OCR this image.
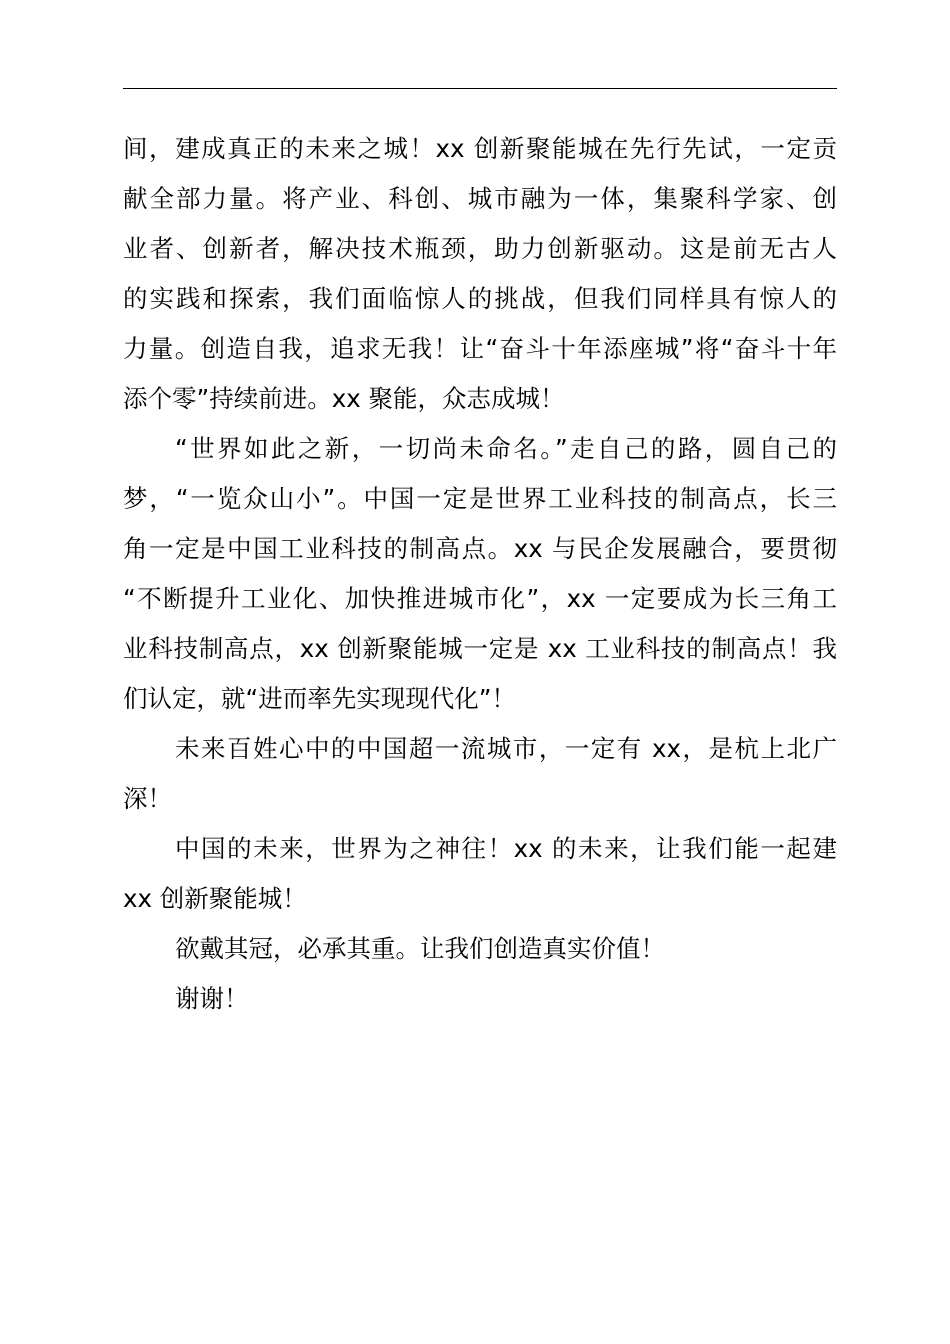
间，建成真正的未来之城！xx 创新聚能城在先行先试，一定贡
献全部力量。将产业、科创、城市融为一体，集聚科学家、创
业者、创新者，解决技术瓶颈，助力创新驱动。这是前无古人
的实践和探索，我们面临惊人的挑战，但我们同样具有惊人的
力量。创造自我，追求无我！让“奋斗十年添座城”将“奋斗十年
添个零”持续前进。xx 聚能，众志成城！
“世界如此之新，一切尚未命名。”走自己的路，圆自己的
梦，“一览众山小”。中国一定是世界工业科技的制高点，长三
角一定是中国工业科技的制高点。xx 与民企发展融合，要贯彻
“不断提升工业化、加快推进城市化”，xx 一定要成为长三角工
业科技制高点，xx 创新聚能城一定是 xx 工业科技的制高点！我
们认定，就“进而率先实现现代化”！
未来百姓心中的中国超一流城市，一定有 xx，是杭上北广
深！
中国的未来，世界为之神往！xx 的未来，让我们能一起建
xx 创新聚能城！
欲戴其冠，必承其重。让我们创造真实价值！
谢谢！
